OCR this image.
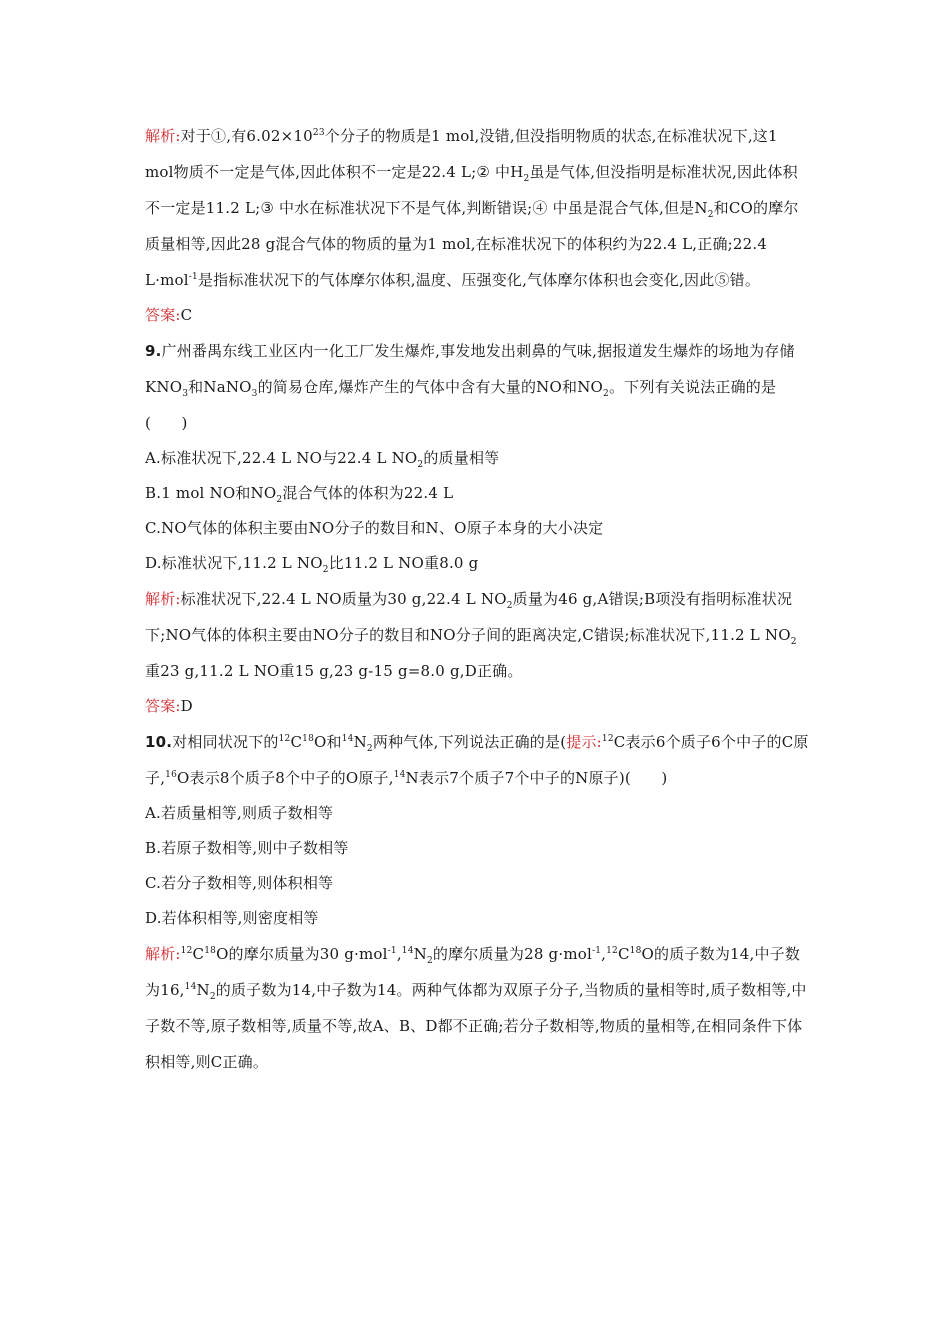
解析:对于①,有$6.02\times 10^{23}$个分子的物质是1 mol,没错,但没指明物质的状态,在标准状况下,这1 mol物质不一定是气体,因此体积不一定是22.4 L;② 中$H_2$虽是气体,但没指明是标准状况,因此体积不一定是11.2 L;③ 中水在标准状况下不是气体,判断错误;④ 中虽是混合气体,但是$N_2$和CO的摩尔质量相等,因此28 g混合气体的物质的量为1 mol,在标准状况下的体积约为22.4 L,正确;22.4 L·mol$^{-1}$是指标准状况下的气体摩尔体积,温度、压强变化,气体摩尔体积也会变化,因此⑤错。

答案:C

9.广州番禺东线工业区内一化工厂发生爆炸,事发地发出刺鼻的气味,据报道发生爆炸的场地为存储$KNO_3$和NaNO$_3$的简易仓库,爆炸产生的气体中含有大量的NO和$NO_2$。下列有关说法正确的是(　　)

A.标准状况下,22.4 L NO与22.4 L $NO_2$的质量相等

B.1 mol NO和$NO_2$混合气体的体积为22.4 L

C.NO气体的体积主要由NO分子的数目和N、O原子本身的大小决定

D.标准状况下,11.2 L $NO_2$比11.2 L NO重8.0 g

解析:标准状况下,22.4 L NO质量为30 g,22.4 L $NO_2$质量为46 g,A错误;B项没有指明标准状况下;NO气体的体积主要由NO分子的数目和NO分子间的距离决定,C错误;标准状况下,11.2 L $NO_2$重23 g,11.2 L NO重15 g,23 g-15 g=8.0 g,D正确。

答案:D

10.对相同状况下的$^{12}C^{18}O$和$^{14}N_2$两种气体,下列说法正确的是(提示:$^{12}$C表示6个质子6个中子的C原子,$^{16}$O表示8个质子8个中子的O原子,$^{14}$N表示7个质子7个中子的N原子)(　　)

A.若质量相等,则质子数相等

B.若原子数相等,则中子数相等

C.若分子数相等,则体积相等

D.若体积相等,则密度相等

解析$:^{12}C^{18}O$的摩尔质量为30 $g\cdot mol^{-1},^{14}N_2$的摩尔质量为28 $g\cdot mol^{-1},^{12}C^{18}O$的质子数为14,中子数为$16,14N_2$的质子数为14,中子数为14。两种气体都为双原子分子,当物质的量相等时,质子数相等,中子数不等,原子数相等,质量不等,故A、B、D都不正确;若分子数相等,物质的量相等,在相同条件下体积相等,则C正确。
